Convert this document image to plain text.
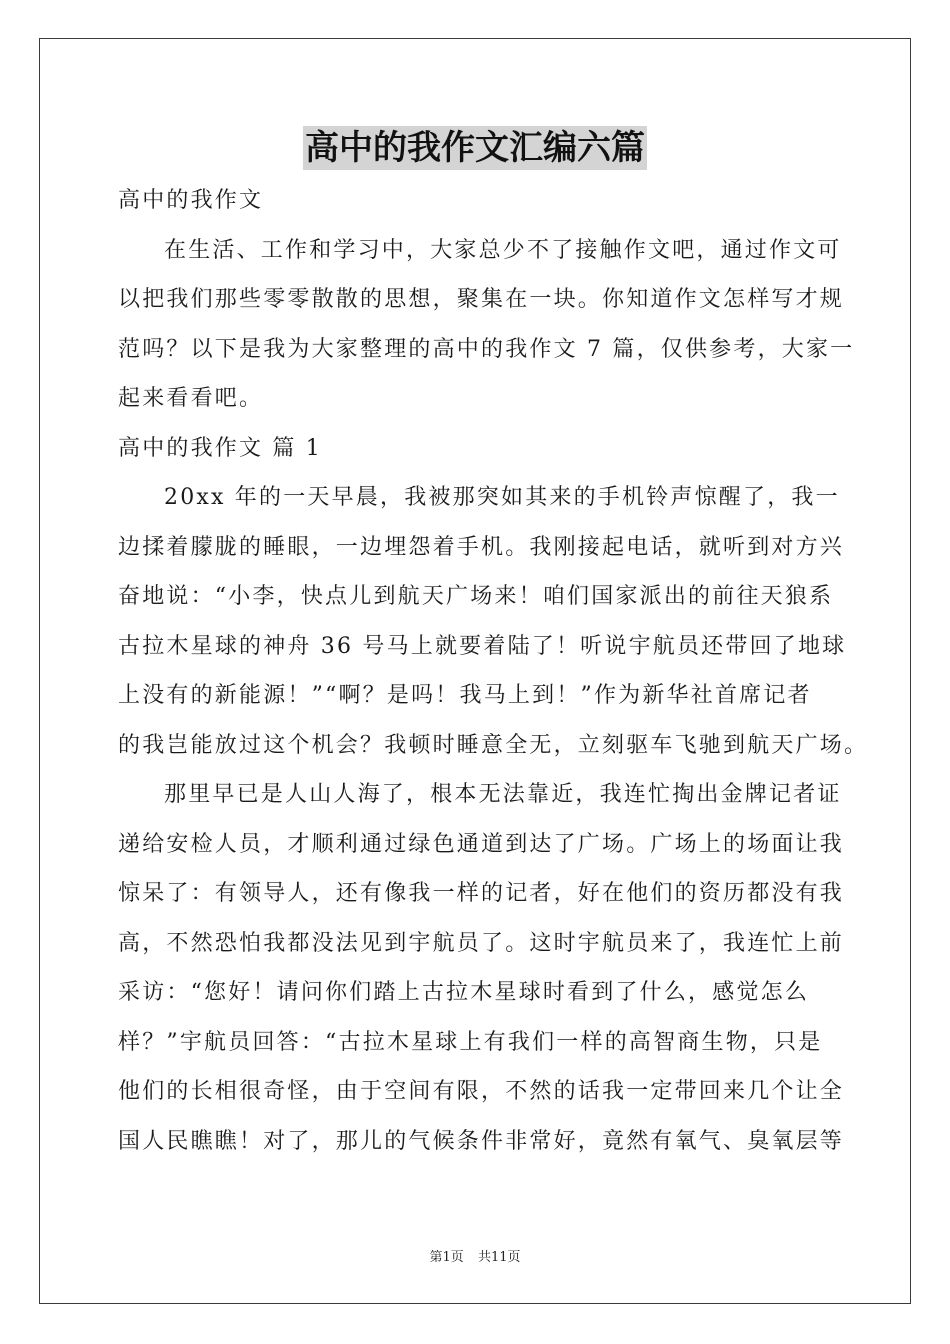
高中的我作文汇编六篇
高中的我作文
在生活、工作和学习中，大家总少不了接触作文吧，通过作文可
以把我们那些零零散散的思想，聚集在一块。你知道作文怎样写才规
范吗？以下是我为大家整理的高中的我作文 7 篇，仅供参考，大家一
起来看看吧。
高中的我作文 篇 1
20xx 年的一天早晨，我被那突如其来的手机铃声惊醒了，我一
边揉着朦胧的睡眼，一边埋怨着手机。我刚接起电话，就听到对方兴
奋地说：“小李，快点儿到航天广场来！咱们国家派出的前往天狼系
古拉木星球的神舟 36 号马上就要着陆了！听说宇航员还带回了地球
上没有的新能源！”“啊？是吗！我马上到！”作为新华社首席记者
的我岂能放过这个机会？我顿时睡意全无，立刻驱车飞驰到航天广场。
那里早已是人山人海了，根本无法靠近，我连忙掏出金牌记者证
递给安检人员，才顺利通过绿色通道到达了广场。广场上的场面让我
惊呆了：有领导人，还有像我一样的记者，好在他们的资历都没有我
高，不然恐怕我都没法见到宇航员了。这时宇航员来了，我连忙上前
采访：“您好！请问你们踏上古拉木星球时看到了什么，感觉怎么
样？”宇航员回答：“古拉木星球上有我们一样的高智商生物，只是
他们的长相很奇怪，由于空间有限，不然的话我一定带回来几个让全
国人民瞧瞧！对了，那儿的气候条件非常好，竟然有氧气、臭氧层等
第1页 共11页
